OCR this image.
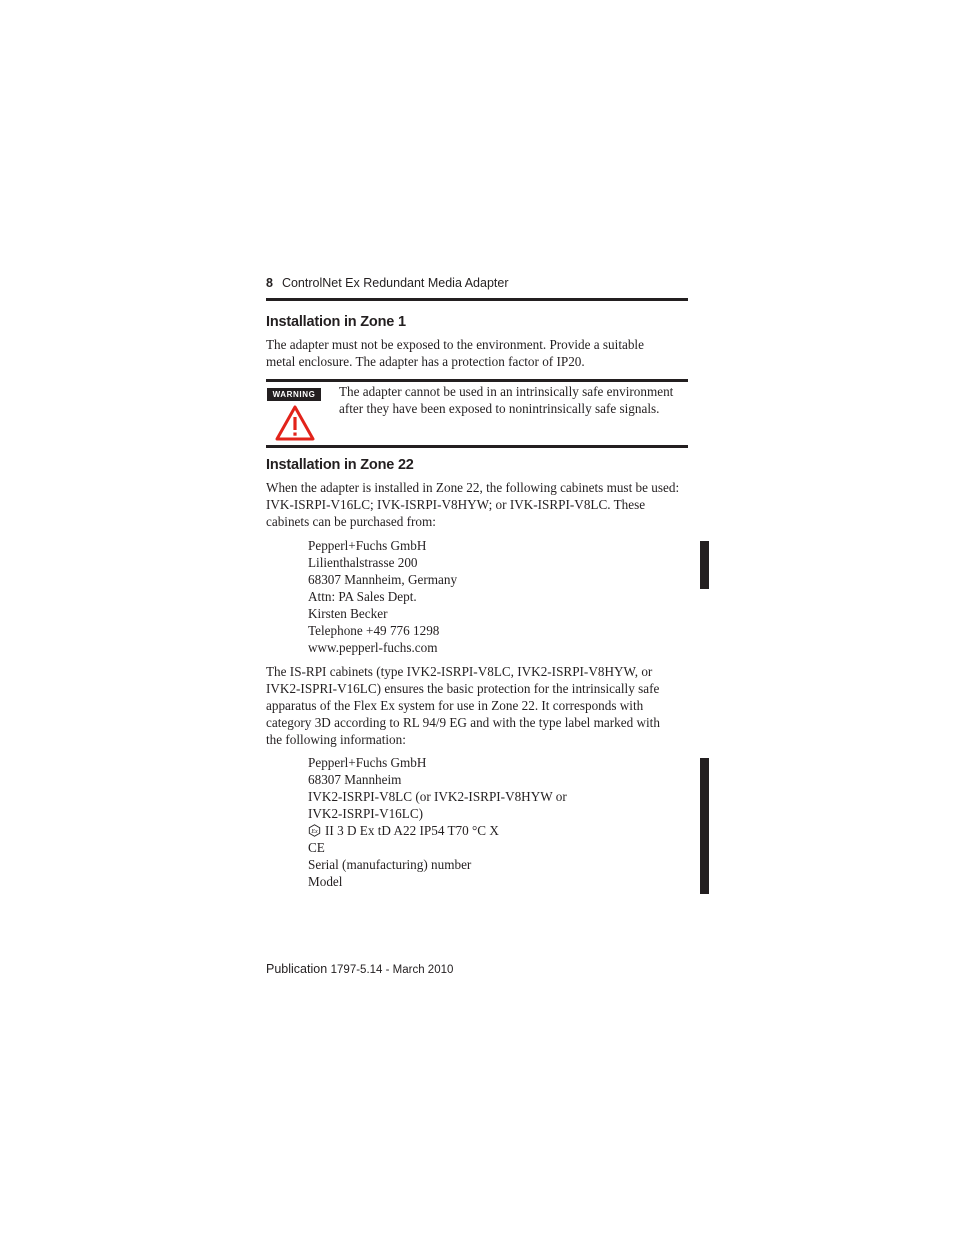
8 ControlNet Ex Redundant Media Adapter
Installation in Zone 1
The adapter must not be exposed to the environment. Provide a suitable
metal enclosure. The adapter has a protection factor of IP20.
WARNING	The adapter cannot be used in an intrinsically safe environment
after they have been exposed to nonintrinsically safe signals.
Installation in Zone 22
When the adapter is installed in Zone 22, the following cabinets must be used:
IVK-ISRPI-V16LC; IVK-ISRPI-V8HYW; or IVK-ISRPI-V8LC. These
cabinets can be purchased from:
Pepperl+Fuchs GmbH
Lilienthalstrasse 200
68307 Mannheim, Germany
Attn: PA Sales Dept.
Kirsten Becker
Telephone +49 776 1298
www.pepperl-fuchs.com
The IS-RPI cabinets (type IVK2-ISRPI-V8LC, IVK2-ISRPI-V8HYW, or
IVK2-ISPRI-V16LC) ensures the basic protection for the intrinsically safe
apparatus of the Flex Ex system for use in Zone 22. It corresponds with
category 3D according to RL 94/9 EG and with the type label marked with
the following information:
Pepperl+Fuchs GmbH
68307 Mannheim
IVK2-ISRPI-V8LC (or IVK2-ISRPI-V8HYW or
IVK2-ISRPI-V16LC)
Ex II 3 D Ex tD A22 IP54 T70 °C X
CE
Serial (manufacturing) number
Model
Publication 1797-5.14 - March 2010
